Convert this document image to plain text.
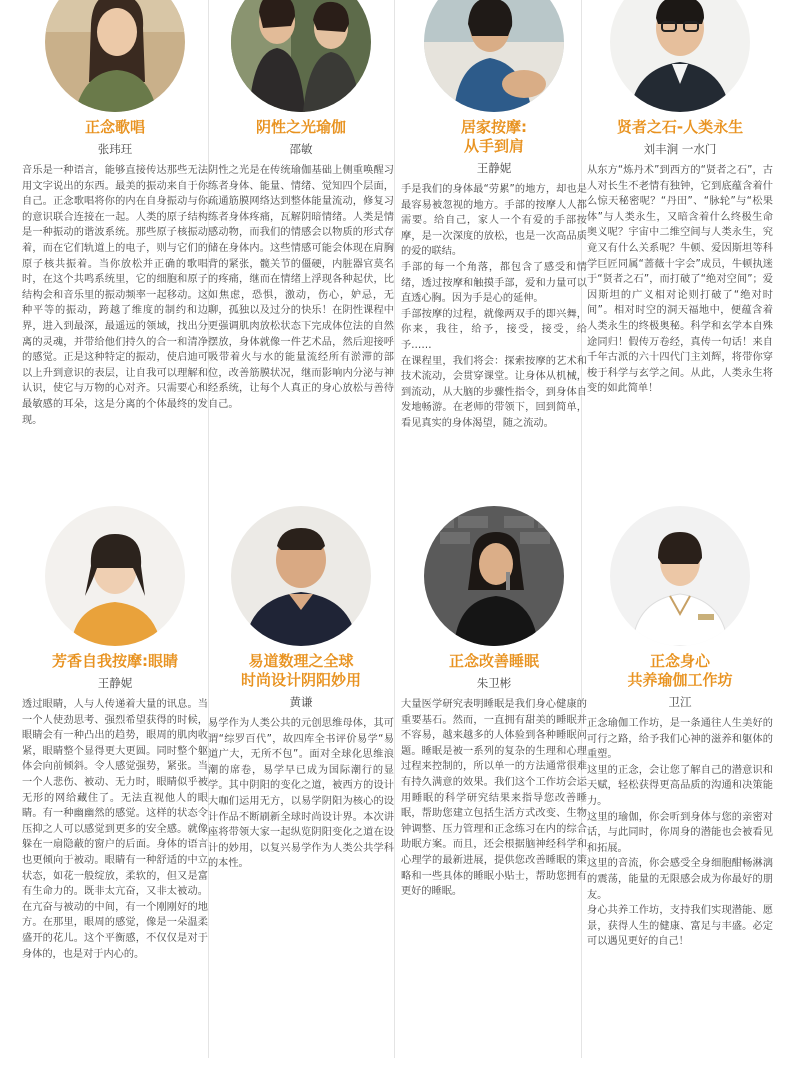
正念歌唱
张玮玨

音乐是一种语言，能够直接传达那些无法用文字说出的东西。最美的振动来自于你自己。正念歌唱将你的内在自身振动与你的意识联合连接在一起。人类的原子结构是一种振动的谐波系统。那些原子核振动着，而在它们轨道上的电子，则与它们的原子核共振着。当你放松并正确的歌唱时，在这个共鸣系统里，它的细胞和原子结构会和音乐里的振动频率一起移动。这种平等的振动，跨越了维度的制约和边界，进入到最深，最遥远的领域，找出分离的灵魂，并带给他们持久的合一和清净的感觉。正是这种特定的振动，使启迪可以上升到意识的表层，让自我可以理解和认识，使它与万物的心对齐。只需要心和最敏感的耳朵，这是分离的个体最终的发现。

阴性之光瑜伽
邵敏

阴性之光是在传统瑜伽基础上侧重唤醒习练者身体、能量、情绪、觉知四个层面，疏通筋膜网络达到整体能量流动，修复习练者身体疼痛，瓦解阴暗情绪。人类是情感动物，而我们的情感会以物质的形式存储在身体内。这些情感可能会体现在肩胸背的紧张，髋关节的僵硬，内脏器官莫名的疼痛，继而在情绪上浮现各种起伏，比如焦虑，恐惧，激动，伤心，妒忌，无聊，孤独以及过分的快乐！在阴性课程中更强调肌肉放松状态下完成体位法的自然摆放，身体就像一件艺术品，然后迎接呼吸带着火与水的能量流经所有淤滞的部位，改善筋膜状况，继而影响内分泌与神经系统，让每个人真正的身心放松与善待自己。

居家按摩:
从手到肩
王静妮

手是我们的身体最“劳累”的地方，却也是最容易被忽视的地方。手部的按摩人人都需要。给自己，家人一个有爱的手部按摩，是一次深度的放松，也是一次高品质的爱的联结。

手部的每一个角落，都包含了感受和情绪，透过按摩和触摸手部，爱和力量可以直透心胸。因为手是心的延伸。

手部按摩的过程，就像两双手的即兴舞，你来，我往，给予，接受，接受，给予……

在课程里，我们将会：探索按摩的艺术和技术流动，会贯穿课堂。让身体从机械，到流动，从大脑的步骤性指令，到身体自发地畅游。在老师的带领下，回到简单，看见真实的身体渴望，随之流动。

贤者之石-人类永生
刘丰涧 一水门

从东方“炼丹术”到西方的“贤者之石”，古人对长生不老情有独钟，它到底蕴含着什么惊天秘密呢？“丹田”、“脉轮”与“松果体”与人类永生，又暗含着什么终极生命奥义呢？宇宙中二维空间与人类永生，究竟又有什么关系呢？牛顿、爱因斯坦等科学巨匠同属“蔷薇十字会”成员，牛顿执迷于“贤者之石”，而打破了“绝对空间”；爱因斯坦的广义相对论则打破了“绝对时间”。相对时空的洞天福地中，便蕴含着人类永生的终极奥秘。科学和玄学本自殊途同归！假传万卷经，真传一句话！来自千年古派的六十四代门主刘辉，将带你穿梭于科学与玄学之间。从此，人类永生将变的如此简单！

芳香自我按摩:眼睛
王静妮

透过眼睛，人与人传递着大量的讯息。当一个人使劲思考、强烈希望获得的时候，眼睛会有一种凸出的趋势，眼周的肌肉收紧，眼睛整个显得更大更圆。同时整个躯体会向前倾斜。令人感觉强势，紧张。当一个人悲伤、被动、无力时，眼睛似乎被无形的网给藏住了。无法直视他人的眼睛。有一种幽幽然的感觉。这样的状态令压抑之人可以感觉到更多的安全感。就像躲在一扇隐蔽的窗户的后面。身体的语言也更倾向于被动。眼睛有一种舒适的中立状态，如花一般绽放，柔软的，但又是富有生命力的。既非太亢奋，又非太被动。在亢奋与被动的中间，有一个刚刚好的地方。在那里，眼周的感觉，像是一朵温柔盛开的花儿。这个平衡感，不仅仅是对于身体的，也是对于内心的。

易道数理之全球
时尚设计阴阳妙用
黄谦

易学作为人类公共的元创思维母体，其可谓“综罗百代”，故四库全书评价易学“易道广大，无所不包”。面对全球化思维浪潮的席卷，易学早已成为国际潮行的显学。其中阴阳的变化之道，被西方的设计大咖们运用无方，以易学阴阳为核心的设计作品不断刷新全球时尚设计界。本次讲座将带领大家一起纵览阴阳变化之道在设计的妙用，以复兴易学作为人类公共学科的本性。

正念改善睡眠
朱卫彬

大量医学研究表明睡眠是我们身心健康的重要基石。然而，一直拥有甜美的睡眠并不容易，越来越多的人体验到各种睡眠问题。睡眠是被一系列的复杂的生理和心理过程来控制的，所以单一的方法通常很难有持久满意的效果。我们这个工作坊会运用睡眠的科学研究结果来指导您改善睡眠，帮助您建立包括生活方式改变、生物钟调整、压力管理和正念练习在内的综合助眠方案。而且，还会根据脑神经科学和心理学的最新进展，提供您改善睡眠的策略和一些具体的睡眠小贴士，帮助您拥有更好的睡眠。

正念身心
共养瑜伽工作坊
卫江

正念瑜伽工作坊，是一条通往人生美好的可行之路，给予我们心神的滋养和躯体的重塑。

这里的正念，会让您了解自己的潜意识和天赋，轻松获得更高品质的沟通和决策能力。

这里的瑜伽，你会听到身体与您的亲密对话，与此同时，你周身的潜能也会被看见和拓展。

这里的音流，你会感受全身细胞酣畅淋漓的震荡，能量的无限感会成为你最好的朋友。

身心共养工作坊，支持我们实现潜能、愿景，获得人生的健康、富足与丰盛。必定可以遇见更好的自己！
